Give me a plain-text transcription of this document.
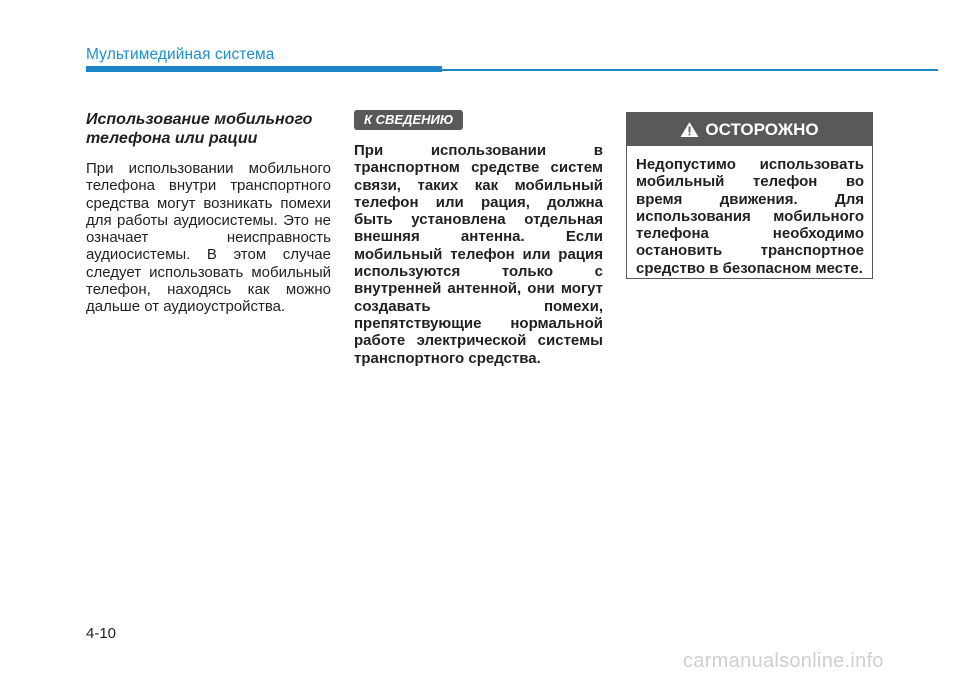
Мультимедийная система

Использование мобильного телефона или рации

При использовании мобильного телефона внутри транспортного средства могут возникать помехи для работы аудиосистемы. Это не означает неисправность аудиосистемы. В этом случае следует использовать мобильный телефон, находясь как можно дальше от аудиоустройства.

К СВЕДЕНИЮ

При использовании в транспортном средстве систем связи, таких как мобильный телефон или рация, должна быть установлена отдельная внешняя антенна. Если мобильный телефон или рация используются только с внутренней антенной, они могут создавать помехи, препятствующие нормальной работе электрической системы транспортного средства.

ОСТОРОЖНО

Недопустимо использовать мобильный телефон во время движения. Для использования мобильного телефона необходимо остановить транспортное средство в безопасном месте.

4-10
carmanualsonline.info
